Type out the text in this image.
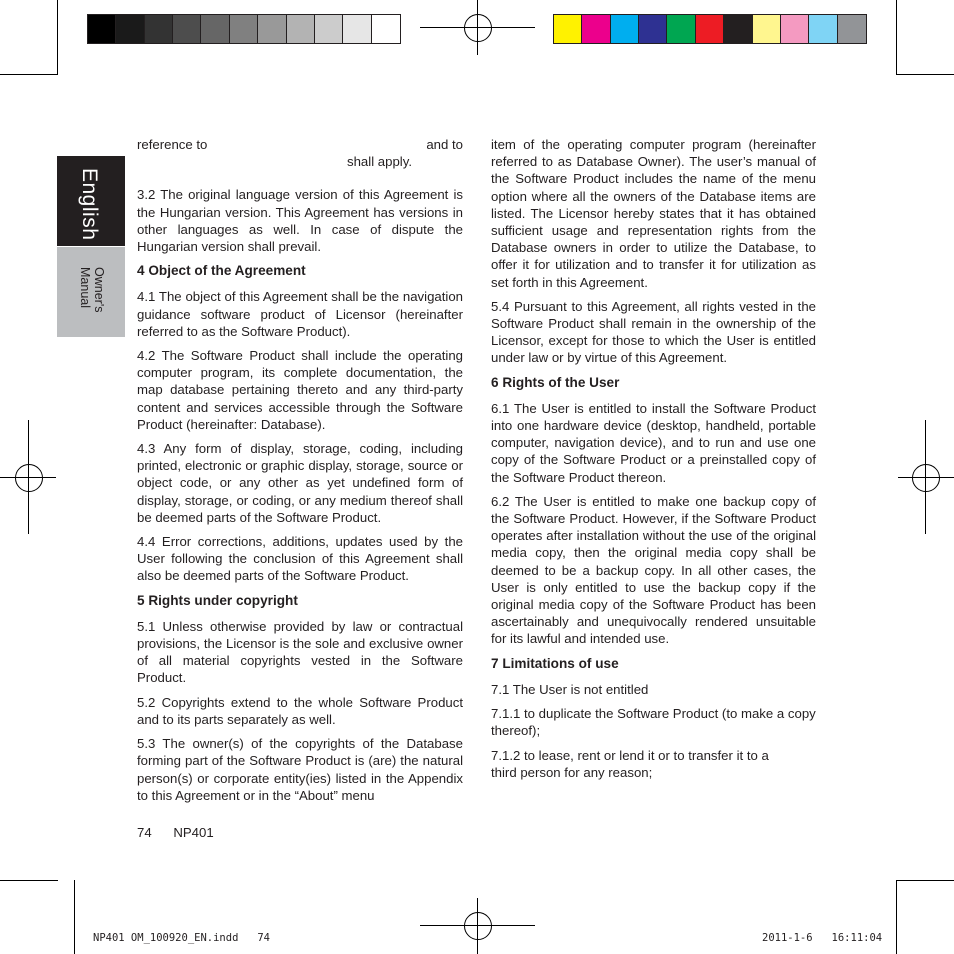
English
Owner's Manual
reference to	and to
shall apply.

3.2 The original language version of this Agreement is the Hungarian version. This Agreement has versions in other languages as well. In case of dispute the Hungarian version shall prevail.

4 Object of the Agreement

4.1 The object of this Agreement shall be the navigation guidance software product of Licensor (hereinafter referred to as the Software Product).

4.2 The Software Product shall include the operating computer program, its complete documentation, the map database pertaining thereto and any third-party content and services accessible through the Software Product (hereinafter: Database).

4.3 Any form of display, storage, coding, including printed, electronic or graphic display, storage, source or object code, or any other as yet undefined form of display, storage, or coding, or any medium thereof shall be deemed parts of the Software Product.

4.4 Error corrections, additions, updates used by the User following the conclusion of this Agreement shall also be deemed parts of the Software Product.

5 Rights under copyright

5.1 Unless otherwise provided by law or contractual provisions, the Licensor is the sole and exclusive owner of all material copyrights vested in the Software Product.

5.2 Copyrights extend to the whole Software Product and to its parts separately as well.

5.3 The owner(s) of the copyrights of the Database forming part of the Software Product is (are) the natural person(s) or corporate entity(ies) listed in the Appendix to this Agreement or in the “About” menu

item of the operating computer program (hereinafter referred to as Database Owner). The user’s manual of the Software Product includes the name of the menu option where all the owners of the Database items are listed. The Licensor hereby states that it has obtained sufficient usage and representation rights from the Database owners in order to utilize the Database, to offer it for utilization and to transfer it for utilization as set forth in this Agreement.

5.4 Pursuant to this Agreement, all rights vested in the Software Product shall remain in the ownership of the Licensor, except for those to which the User is entitled under law or by virtue of this Agreement.

6 Rights of the User

6.1 The User is entitled to install the Software Product into one hardware device (desktop, handheld, portable computer, navigation device), and to run and use one copy of the Software Product or a preinstalled copy of the Software Product thereon.

6.2 The User is entitled to make one backup copy of the Software Product. However, if the Software Product operates after installation without the use of the original media copy, then the original media copy shall be deemed to be a backup copy. In all other cases, the User is only entitled to use the backup copy if the original media copy of the Software Product has been ascertainably and unequivocally rendered unsuitable for its lawful and intended use.

7 Limitations of use

7.1 The User is not entitled

7.1.1 to duplicate the Software Product (to make a copy thereof);

7.1.2 to lease, rent or lend it or to transfer it to a third person for any reason;

74 NP401
NP401 OM_100920_EN.indd   74	2011-1-6   16:11:04
